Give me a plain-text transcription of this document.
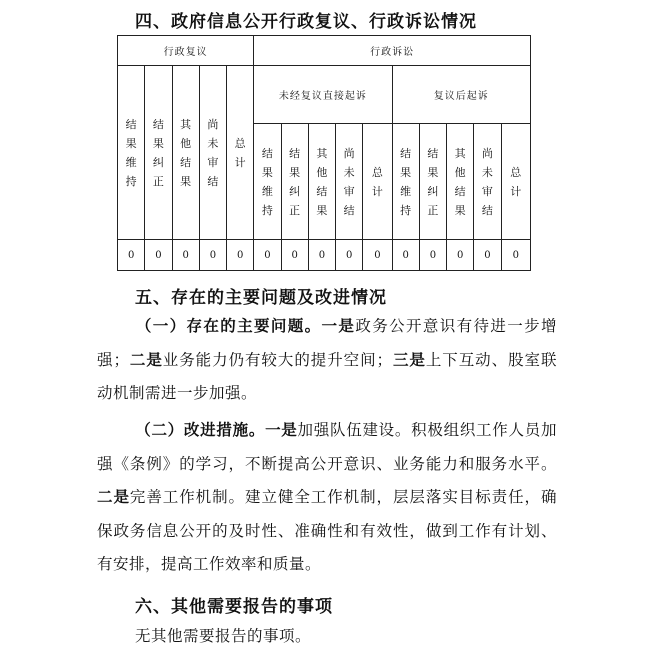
四、政府信息公开行政复议、行政诉讼情况
行政复议					行政诉讼									
结果维持	结果纠正	其他结果	尚未审结	总计	未经复议直接起诉					复议后起诉				
					结果维持	结果纠正	其他结果	尚未审结	总计	结果维持	结果纠正	其他结果	尚未审结	总计
0	0	0	0	0	0	0	0	0	0	0	0	0	0	0
五、存在的主要问题及改进情况
（一）存在的主要问题。一是政务公开意识有待进一步增强；二是业务能力仍有较大的提升空间；三是上下互动、股室联动机制需进一步加强。
（二）改进措施。一是加强队伍建设。积极组织工作人员加强《条例》的学习，不断提高公开意识、业务能力和服务水平。二是完善工作机制。建立健全工作机制，层层落实目标责任，确保政务信息公开的及时性、准确性和有效性，做到工作有计划、有安排，提高工作效率和质量。
六、其他需要报告的事项
无其他需要报告的事项。
